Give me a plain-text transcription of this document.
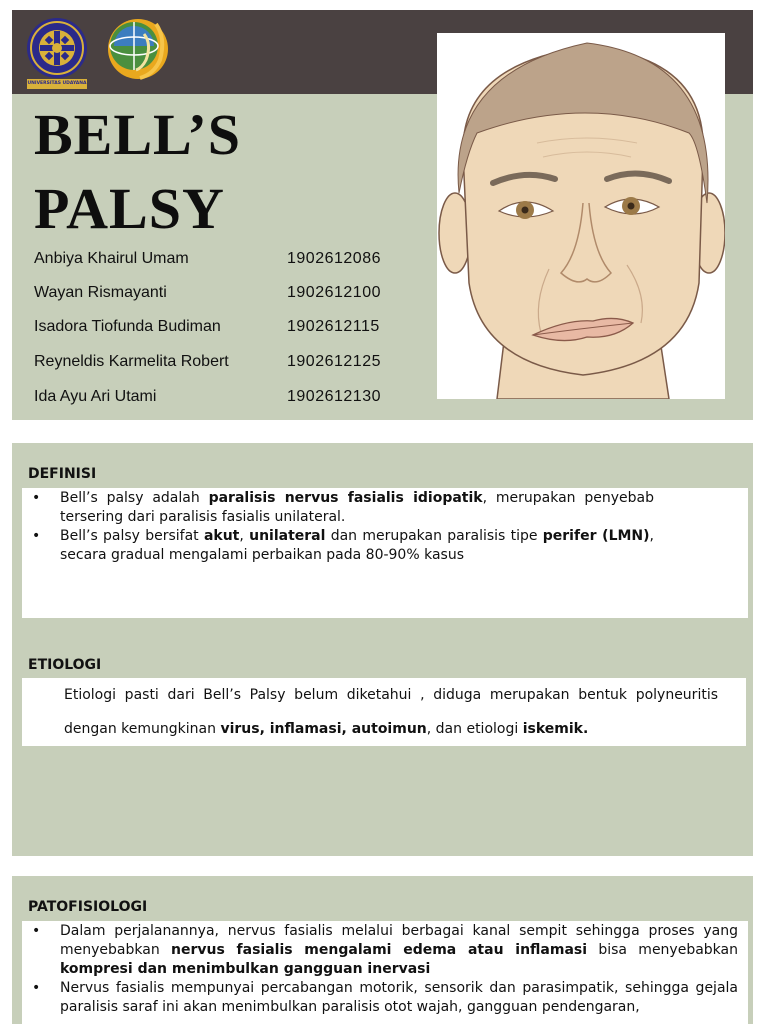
UNIVERSITAS UDAYANA
BELL’S
PALSY
Anbiya Khairul Umam	1902612086
Wayan Rismayanti	1902612100
Isadora Tiofunda Budiman	1902612115
Reyneldis Karmelita Robert	1902612125
Ida Ayu Ari Utami	1902612130
DEFINISI
• Bell’s palsy adalah paralisis nervus fasialis idiopatik, merupakan penyebab tersering dari paralisis fasialis unilateral.
• Bell’s palsy bersifat akut, unilateral dan merupakan paralisis tipe perifer (LMN), secara gradual mengalami perbaikan pada 80-90% kasus
ETIOLOGI

Etiologi pasti dari Bell’s Palsy belum diketahui , diduga merupakan bentuk polyneuritis dengan kemungkinan virus, inflamasi, autoimun, dan etiologi iskemik.

PATOFISIOLOGI
• Dalam perjalanannya, nervus fasialis melalui berbagai kanal sempit sehingga proses yang menyebabkan nervus fasialis mengalami edema atau inflamasi bisa menyebabkan kompresi dan menimbulkan gangguan inervasi
• Nervus fasialis mempunyai percabangan motorik, sensorik dan parasimpatik, sehingga gejala paralisis saraf ini akan menimbulkan paralisis otot wajah, gangguan pendengaran,
